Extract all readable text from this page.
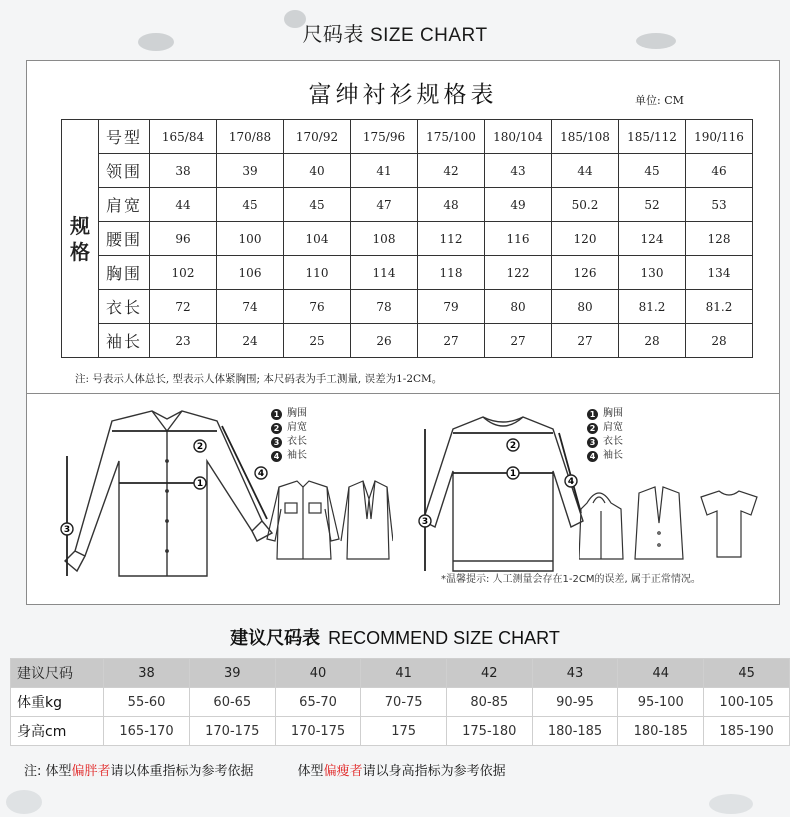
尺码表 SIZE CHART
富绅衬衫规格表	单位: CM
规格	号型	165/84	170/88	170/92	175/96	175/100	180/104	185/108	185/112	190/116
	领围	38	39	40	41	42	43	44	45	46
	肩宽	44	45	45	47	48	49	50.2	52	53
	腰围	96	100	104	108	112	116	120	124	128
	胸围	102	106	110	114	118	122	126	130	134
	衣长	72	74	76	78	79	80	80	81.2	81.2
	袖长	23	24	25	26	27	27	27	28	28
注: 号表示人体总长, 型表示人体紧胸围; 本尺码表为手工测量, 误差为1-2CM。
2
1
4
3
1 胸围
2 肩宽
3 衣长
4 袖长
2
1
4
3
1 胸围
2 肩宽
3 衣长
4 袖长
*温馨提示: 人工测量会存在1-2CM的误差, 属于正常情况。
建议尺码表 RECOMMEND SIZE CHART
建议尺码	38	39	40	41	42	43	44	45
体重kg	55-60	60-65	65-70	70-75	80-85	90-95	95-100	100-105
身高cm	165-170	170-175	170-175	175	175-180	180-185	180-185	185-190
注: 体型偏胖者请以体重指标为参考依据	体型偏瘦者请以身高指标为参考依据
